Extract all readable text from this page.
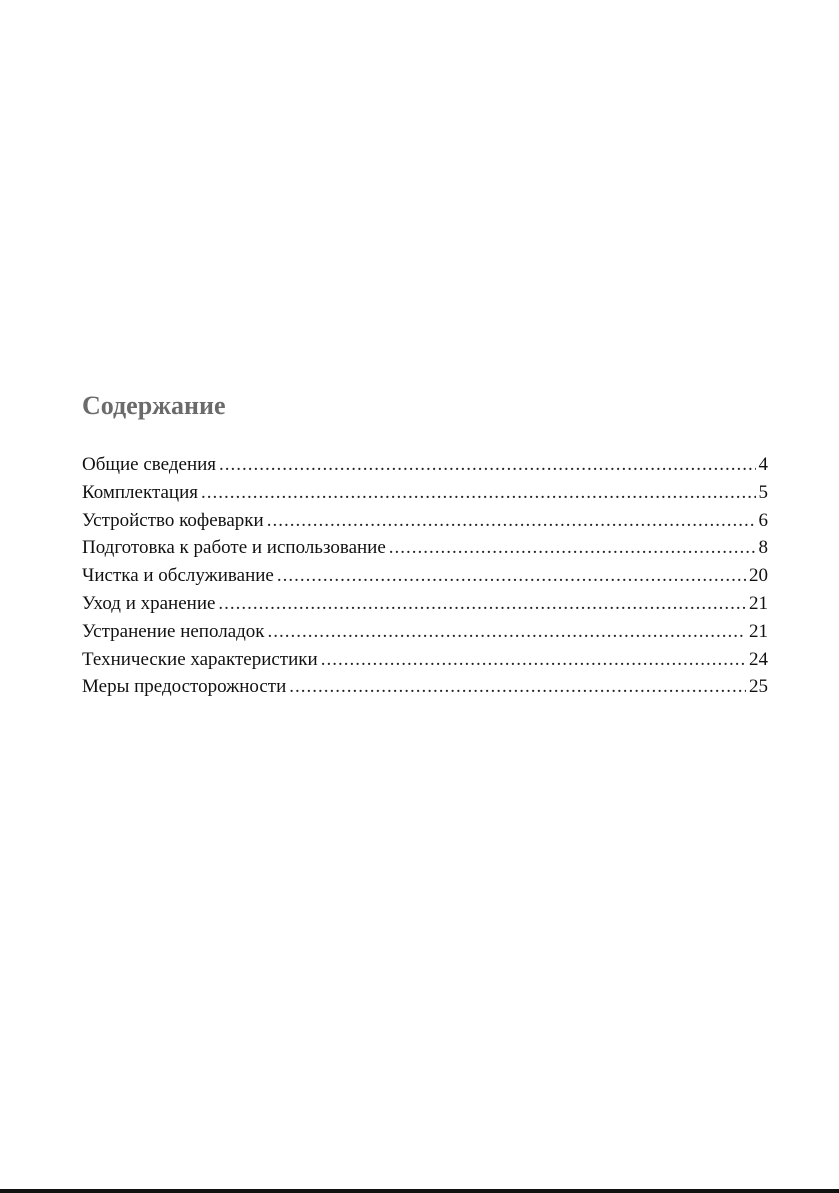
Содержание
Общие сведения .....	4
Комплектация .....	5
Устройство кофеварки .....	6
Подготовка к работе и использование .....	8
Чистка и обслуживание .....	20
Уход и хранение .....	21
Устранение неполадок .....	21
Технические характеристики .....	24
Меры предосторожности .....	25
